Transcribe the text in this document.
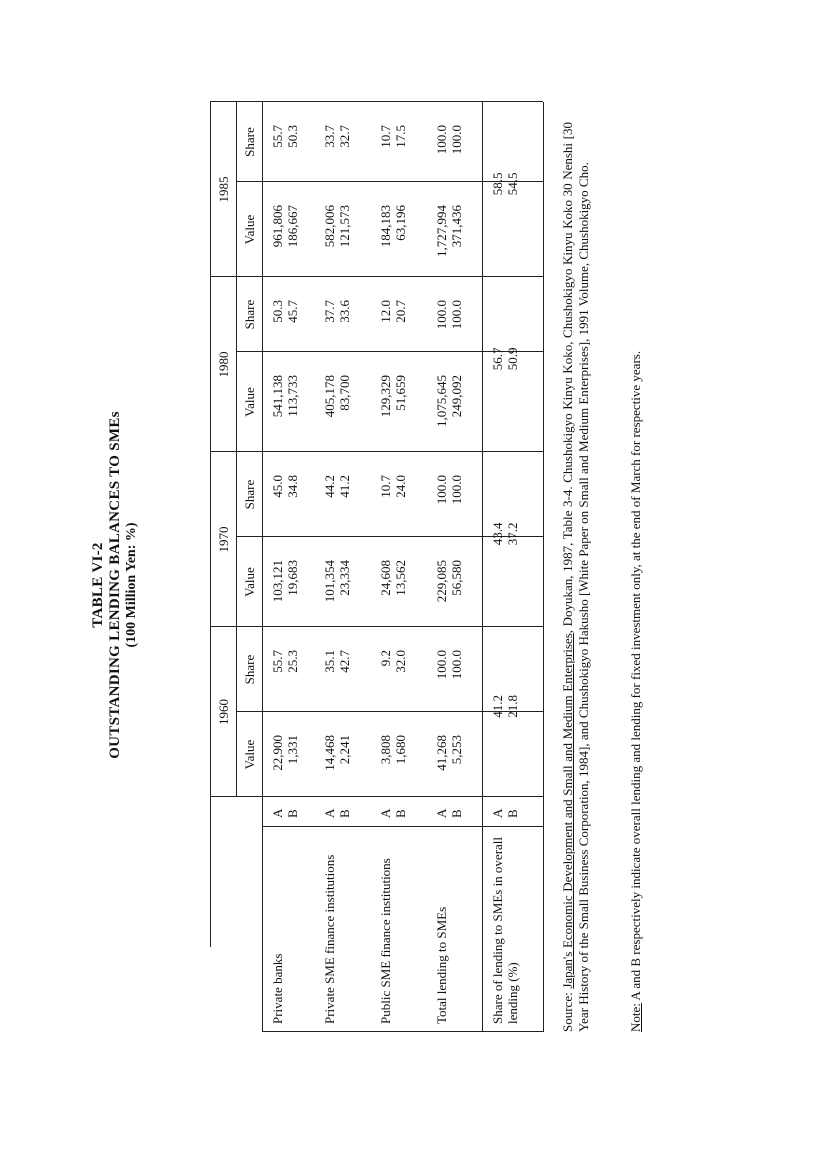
TABLE VI-2 OUTSTANDING LENDING BALANCES TO SMEs (100 Million Yen: %)
1960
Value
Share
1970
Value
Share
1980
Value
Share
1985
Value
Share
Private banks
A
22,900
55.7
103,121
45.0
541,138
50.3
961,806
55.7
B
1,331
25.3
19,683
34.8
113,733
45.7
186,667
50.3
Private SME finance institutions
A
14,468
35.1
101,354
44.2
405,178
37.7
582,006
33.7
B
2,241
42.7
23,334
41.2
83,700
33.6
121,573
32.7
Public SME finance institutions
A
3,808
9.2
24,608
10.7
129,329
12.0
184,183
10.7
B
1,680
32.0
13,562
24.0
51,659
20.7
63,196
17.5
Total lending to SMEs
A
41,268
100.0
229,085
100.0
1,075,645
100.0
1,727,994
100.0
B
5,253
100.0
56,580
100.0
249,092
100.0
371,436
100.0
Share of lending to SMEs in overall lending (%)
A
41.2
43.4
56.7
58.5
B
21.8
37.2
50.9
54.5
Source: Japan's Economic Development and Small and Medium Enterprises, Doyukan, 1987, Table 3-4. Chushokigyo Kinyu Koko, Chushokigyo Kinyu Koko 30 Nenshi [30 Year History of the Small Business Corporation, 1984], and Chushokigyo Hakusho [White Paper on Small and Medium Enterprises], 1991 Volume, Chushokigyo Cho.	Note: A and B respectively indicate overall lending and lending for fixed investment only, at the end of March for respective years.
